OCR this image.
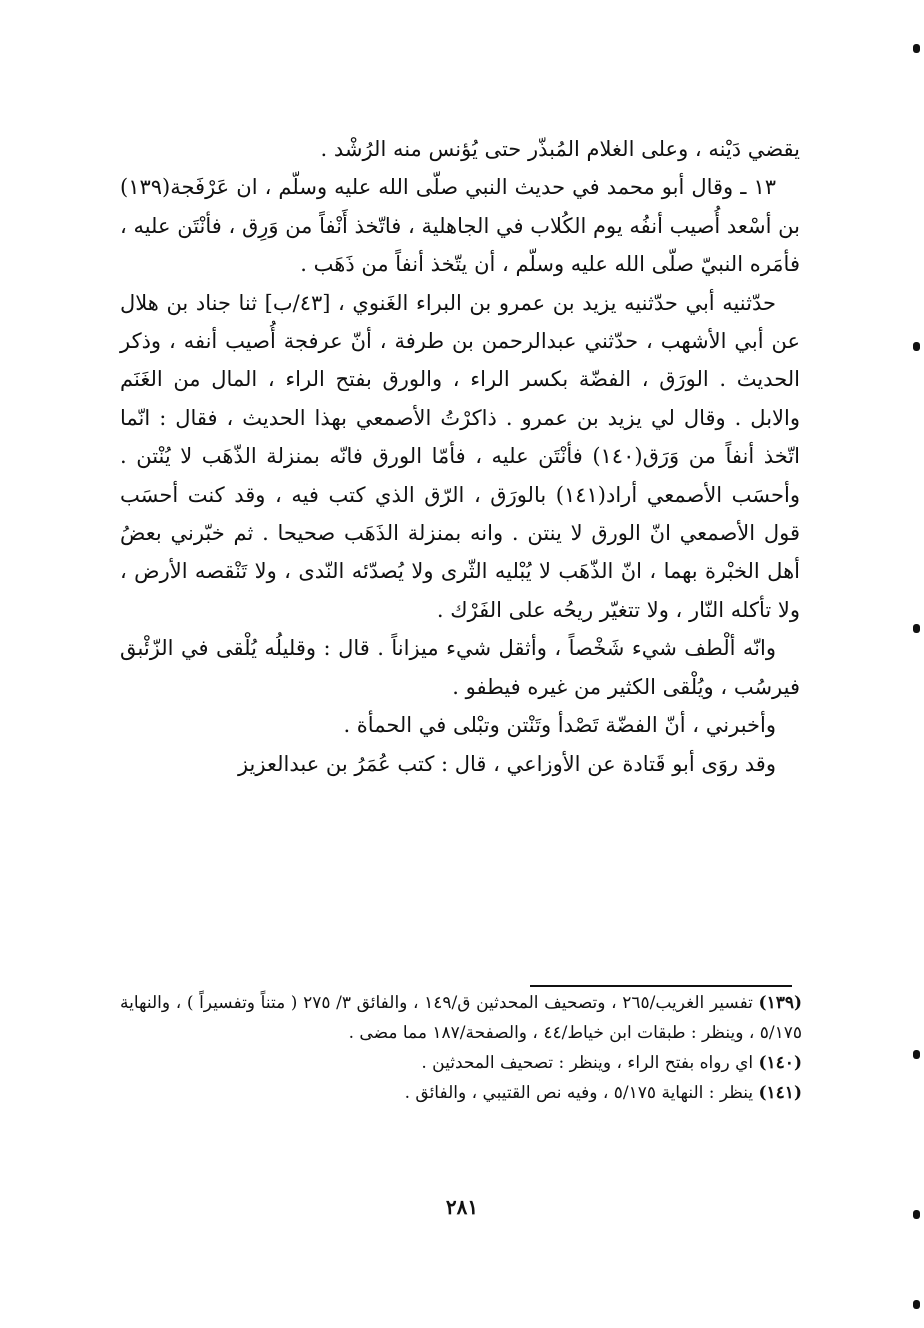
يقضي دَيْنه ، وعلى الغلام المُبذّر حتى يُؤنس منه الرُشْد .

١٣ ـ وقال أبو محمد في حديث النبي صلّى الله عليه وسلّم ، ان عَرْفَجة(١٣٩) بن أسْعد أُصيب أنفُه يوم الكُلاب في الجاهلية ، فاتّخذ أَنْفاً من وَرِق ، فأنْتَن عليه ، فأمَره النبيّ صلّى الله عليه وسلّم ، أن يتّخذ أنفاً من ذَهَب .

حدّثنيه أبي حدّثنيه يزيد بن عمرو بن البراء الغَنوي ، [٤٣/ب] ثنا جناد بن هلال عن أبي الأشهب ، حدّثني عبدالرحمن بن طرفة ، أنّ عرفجة أُصيب أنفه ، وذكر الحديث . الورَق ، الفضّة بكسر الراء ، والورق بفتح الراء ، المال من الغَنَم والابل . وقال لي يزيد بن عمرو . ذاكرْتُ الأصمعي بهذا الحديث ، فقال : انّما اتّخذ أنفاً من وَرَق(١٤٠) فأنْتَن عليه ، فأمّا الورق فانّه بمنزلة الذّهَب لا يُنْتن . وأحسَب الأصمعي أراد(١٤١) بالورَق ، الرّق الذي كتب فيه ، وقد كنت أحسَب قول الأصمعي انّ الورق لا ينتن . وانه بمنزلة الذَهَب صحيحا . ثم خبّرني بعضُ أهل الخبْرة بهما ، انّ الذّهَب لا يُبْليه الثّرى ولا يُصدّئه النّدى ، ولا تَنْقصه الأرض ، ولا تأكله النّار ، ولا تتغيّر ريحُه على الفَرْك .

وانّه ألْطف شيء شَخْصاً ، وأثقل شيء ميزاناً . قال : وقليلُه يُلْقى في الزّئْبق فيرسُب ، ويُلْقى الكثير من غيره فيطفو .

وأخبرني ، أنّ الفضّة تَصْدأ وتَنْتن وتبْلى في الحمأة .

وقد روَى أبو قَتادة عن الأوزاعي ، قال : كتب عُمَرُ بن عبدالعزيز

(١٣٩) تفسير الغريب/٢٦٥ ، وتصحيف المحدثين ق/١٤٩ ، والفائق ٣/ ٢٧٥ ( متناً وتفسيراً ) ، والنهاية ٥/١٧٥ ، وينظر : طبقات ابن خياط/٤٤ ، والصفحة/١٨٧ مما مضى .

(١٤٠) اي رواه بفتح الراء ، وينظر : تصحيف المحدثين .

(١٤١) ينظر : النهاية ٥/١٧٥ ، وفيه نص القتيبي ، والفائق .

٢٨١
